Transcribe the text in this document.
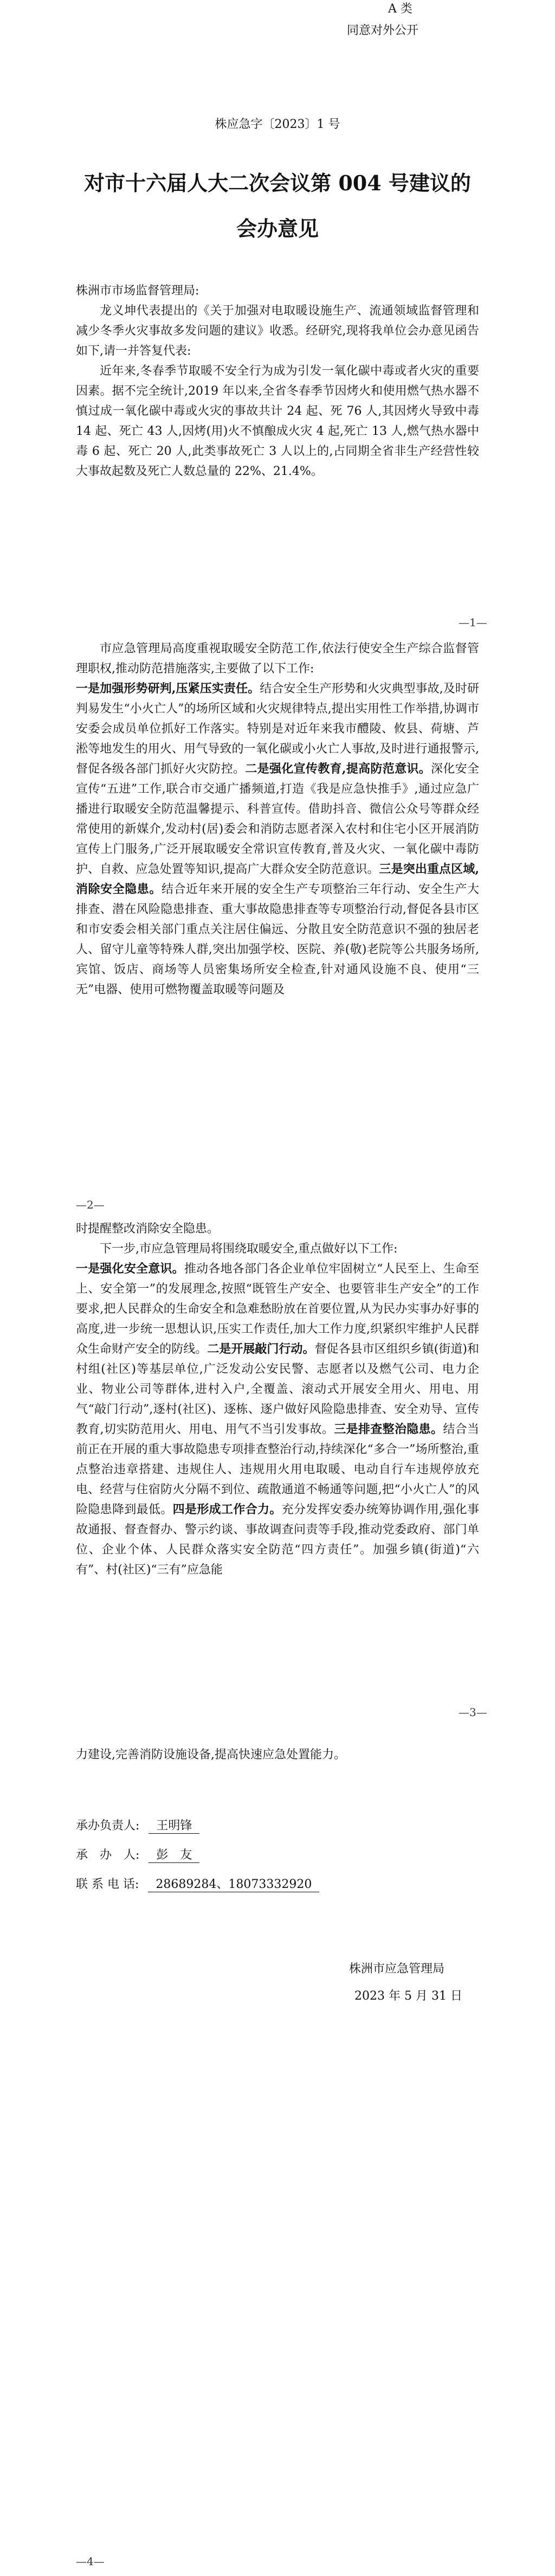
A 类
同意对外公开
株应急字〔2023〕1 号
对市十六届人大二次会议第 004 号建议的
会办意见

株洲市市场监督管理局:

龙义坤代表提出的《关于加强对电取暖设施生产、流通领域监督管理和减少冬季火灾事故多发问题的建议》收悉。经研究,现将我单位会办意见函告如下,请一并答复代表:

近年来,冬春季节取暖不安全行为成为引发一氧化碳中毒或者火灾的重要因素。据不完全统计,2019 年以来,全省冬春季节因烤火和使用燃气热水器不慎过成一氧化碳中毒或火灾的事故共计 24 起、死 76 人,其因烤火导致中毒 14 起、死亡 43 人,因烤(用)火不慎酿成火灾 4 起,死亡 13 人,燃气热水器中毒 6 起、死亡 20 人,此类事故死亡 3 人以上的,占同期全省非生产经营性较大事故起数及死亡人数总量的 22%、21.4%。

—1—

市应急管理局高度重视取暖安全防范工作,依法行使安全生产综合监督管理职权,推动防范措施落实,主要做了以下工作:

一是加强形势研判,压紧压实责任。结合安全生产形势和火灾典型事故,及时研判易发生“小火亡人”的场所区域和火灾规律特点,提出实用性工作举措,协调市安委会成员单位抓好工作落实。特别是对近年来我市醴陵、攸县、荷塘、芦淞等地发生的用火、用气导致的一氧化碳或小火亡人事故,及时进行通报警示,督促各级各部门抓好火灾防控。二是强化宣传教育,提高防范意识。深化安全宣传“五进”工作,联合市交通广播频道,打造《我是应急快推手》,通过应急广播进行取暖安全防范温馨提示、科普宣传。借助抖音、微信公众号等群众经常使用的新媒介,发动村(居)委会和消防志愿者深入农村和住宅小区开展消防宣传上门服务,广泛开展取暖安全常识宣传教育,普及火灾、一氧化碳中毒防护、自救、应急处置等知识,提高广大群众安全防范意识。三是突出重点区域,消除安全隐患。结合近年来开展的安全生产专项整治三年行动、安全生产大排查、潜在风险隐患排查、重大事故隐患排查等专项整治行动,督促各县市区和市安委会相关部门重点关注居住偏远、分散且安全防范意识不强的独居老人、留守儿童等特殊人群,突出加强学校、医院、养(敬)老院等公共服务场所,宾馆、饭店、商场等人员密集场所安全检查,针对通风设施不良、使用“三无”电器、使用可燃物覆盖取暖等问题及

—2—

时提醒整改消除安全隐患。

下一步,市应急管理局将围绕取暖安全,重点做好以下工作:

一是强化安全意识。推动各地各部门各企业单位牢固树立“人民至上、生命至上、安全第一”的发展理念,按照“既管生产安全、也要管非生产安全”的工作要求,把人民群众的生命安全和急难愁盼放在首要位置,从为民办实事办好事的高度,进一步统一思想认识,压实工作责任,加大工作力度,织紧织牢维护人民群众生命财产安全的防线。二是开展敲门行动。督促各县市区组织乡镇(街道)和村组(社区)等基层单位,广泛发动公安民警、志愿者以及燃气公司、电力企业、物业公司等群体,进村入户,全覆盖、滚动式开展安全用火、用电、用气“敲门行动”,逐村(社区)、逐栋、逐户做好风险隐患排查、安全劝导、宣传教育,切实防范用火、用电、用气不当引发事故。三是排查整治隐患。结合当前正在开展的重大事故隐患专项排查整治行动,持续深化“多合一”场所整治,重点整治违章搭建、违规住人、违规用火用电取暖、电动自行车违规停放充电、经营与住宿防火分隔不到位、疏散通道不畅通等问题,把“小火亡人”的风险隐患降到最低。四是形成工作合力。充分发挥安委办统筹协调作用,强化事故通报、督查督办、警示约谈、事故调查问责等手段,推动党委政府、部门单位、企业个体、人民群众落实安全防范“四方责任”。加强乡镇(街道)“六有”、村(社区)“三有”应急能

—3—

力建设,完善消防设施设备,提高快速应急处置能力。

承办负责人: 王明锋
承　办　人: 彭　友
联 系 电 话: 28689284、18073332920
株洲市应急管理局
2023 年 5 月 31 日
—4—
